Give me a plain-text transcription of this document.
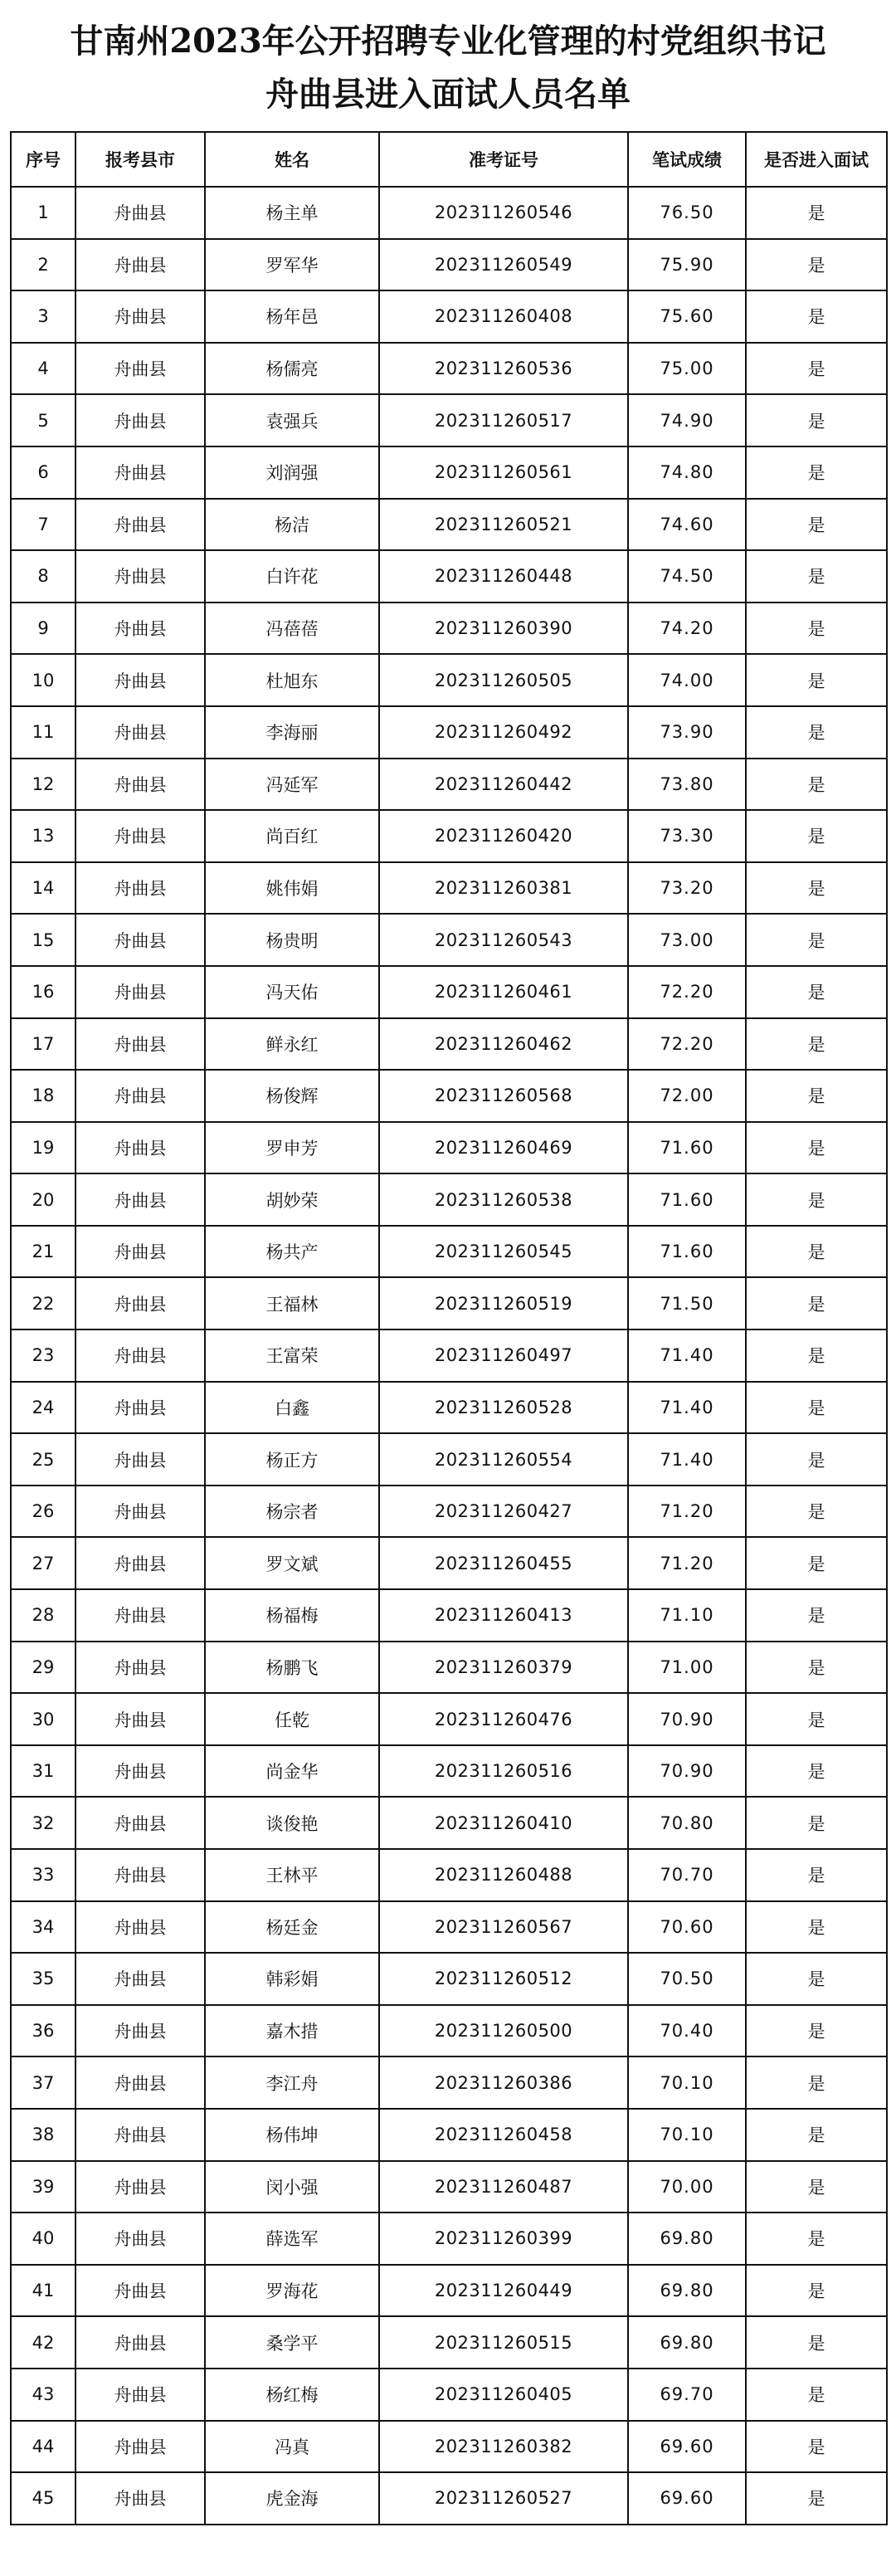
甘南州2023年公开招聘专业化管理的村党组织书记
舟曲县进入面试人员名单
序号	报考县市	姓名	准考证号	笔试成绩	是否进入面试
1	舟曲县	杨主单	202311260546	76.50	是
2	舟曲县	罗军华	202311260549	75.90	是
3	舟曲县	杨年邑	202311260408	75.60	是
4	舟曲县	杨儒亮	202311260536	75.00	是
5	舟曲县	袁强兵	202311260517	74.90	是
6	舟曲县	刘润强	202311260561	74.80	是
7	舟曲县	杨洁	202311260521	74.60	是
8	舟曲县	白许花	202311260448	74.50	是
9	舟曲县	冯蓓蓓	202311260390	74.20	是
10	舟曲县	杜旭东	202311260505	74.00	是
11	舟曲县	李海丽	202311260492	73.90	是
12	舟曲县	冯延军	202311260442	73.80	是
13	舟曲县	尚百红	202311260420	73.30	是
14	舟曲县	姚伟娟	202311260381	73.20	是
15	舟曲县	杨贵明	202311260543	73.00	是
16	舟曲县	冯天佑	202311260461	72.20	是
17	舟曲县	鲜永红	202311260462	72.20	是
18	舟曲县	杨俊辉	202311260568	72.00	是
19	舟曲县	罗申芳	202311260469	71.60	是
20	舟曲县	胡妙荣	202311260538	71.60	是
21	舟曲县	杨共产	202311260545	71.60	是
22	舟曲县	王福林	202311260519	71.50	是
23	舟曲县	王富荣	202311260497	71.40	是
24	舟曲县	白鑫	202311260528	71.40	是
25	舟曲县	杨正方	202311260554	71.40	是
26	舟曲县	杨宗者	202311260427	71.20	是
27	舟曲县	罗文斌	202311260455	71.20	是
28	舟曲县	杨福梅	202311260413	71.10	是
29	舟曲县	杨鹏飞	202311260379	71.00	是
30	舟曲县	任乾	202311260476	70.90	是
31	舟曲县	尚金华	202311260516	70.90	是
32	舟曲县	谈俊艳	202311260410	70.80	是
33	舟曲县	王林平	202311260488	70.70	是
34	舟曲县	杨廷金	202311260567	70.60	是
35	舟曲县	韩彩娟	202311260512	70.50	是
36	舟曲县	嘉木措	202311260500	70.40	是
37	舟曲县	李江舟	202311260386	70.10	是
38	舟曲县	杨伟坤	202311260458	70.10	是
39	舟曲县	闵小强	202311260487	70.00	是
40	舟曲县	薛选军	202311260399	69.80	是
41	舟曲县	罗海花	202311260449	69.80	是
42	舟曲县	桑学平	202311260515	69.80	是
43	舟曲县	杨红梅	202311260405	69.70	是
44	舟曲县	冯真	202311260382	69.60	是
45	舟曲县	虎金海	202311260527	69.60	是
